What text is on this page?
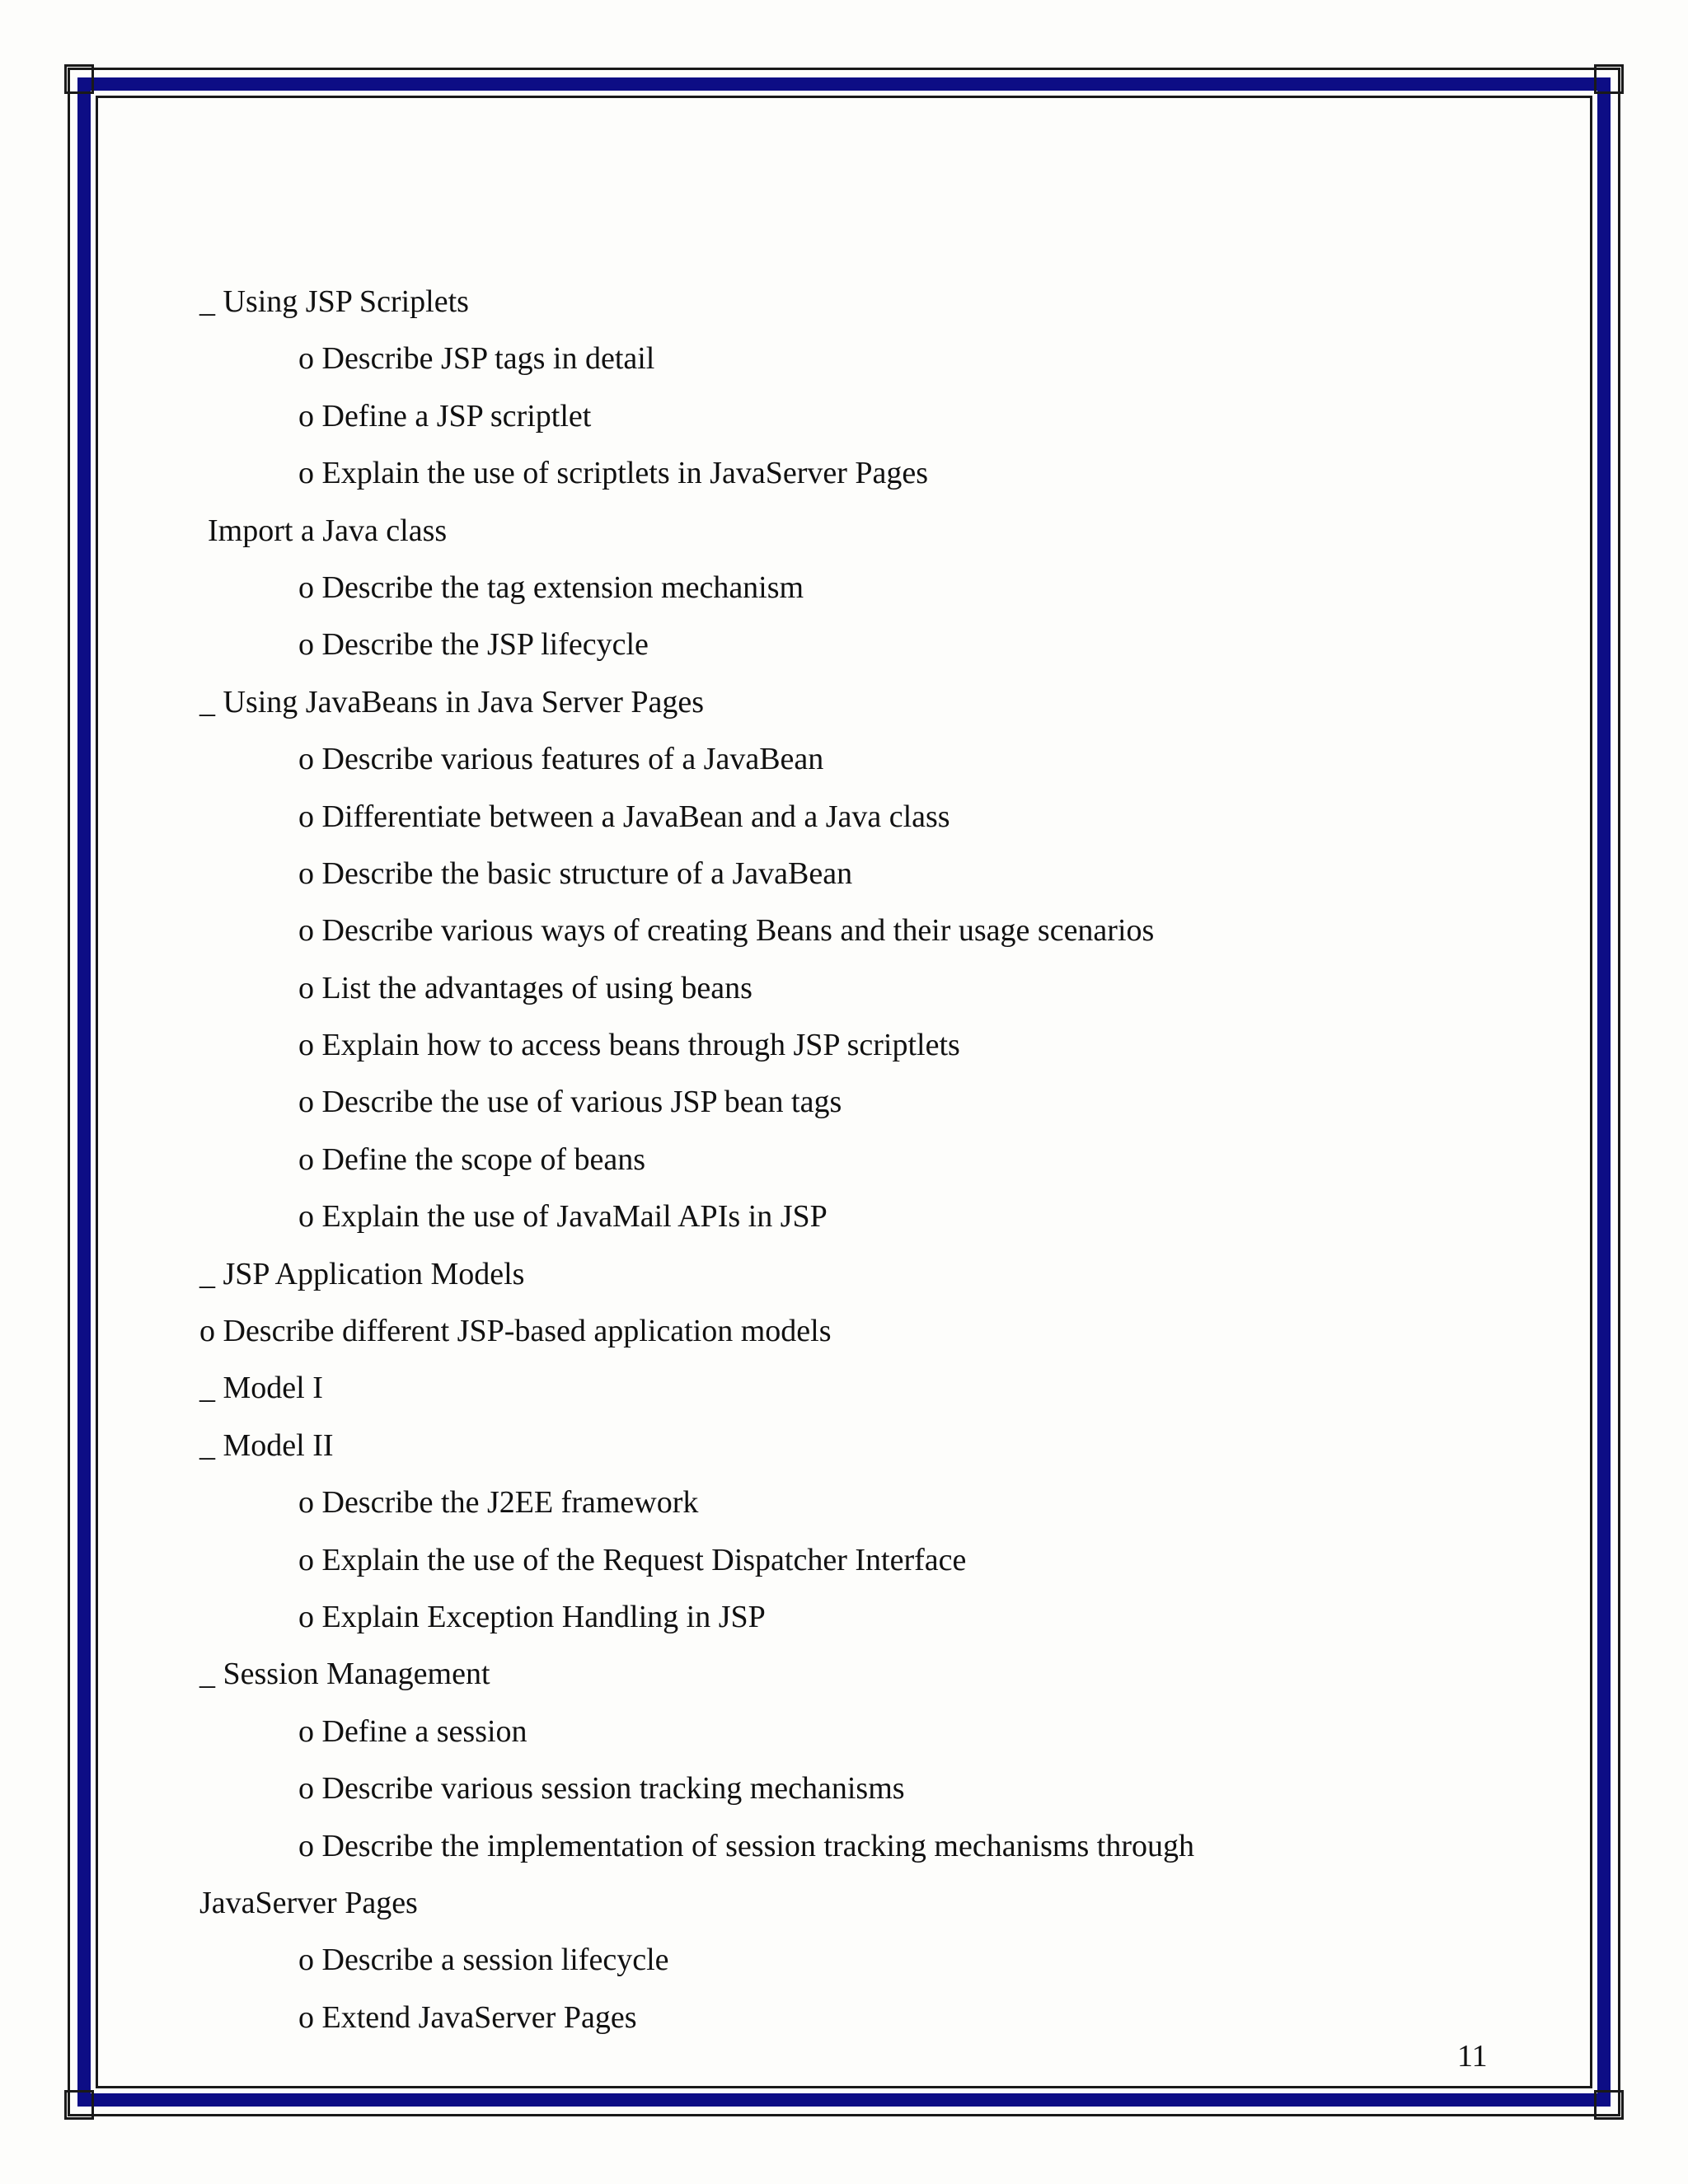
_ Using JSP Scriplets
o Describe JSP tags in detail
o Define a JSP scriptlet
o Explain the use of scriptlets in JavaServer Pages
Import a Java class
o Describe the tag extension mechanism
o Describe the JSP lifecycle
_ Using JavaBeans in Java Server Pages
o Describe various features of a JavaBean
o Differentiate between a JavaBean and a Java class
o Describe the basic structure of a JavaBean
o Describe various ways of creating Beans and their usage scenarios
o List the advantages of using beans
o Explain how to access beans through JSP scriptlets
o Describe the use of various JSP bean tags
o Define the scope of beans
o Explain the use of JavaMail APIs in JSP
_ JSP Application Models
o Describe different JSP-based application models
_ Model I
_ Model II
o Describe the J2EE framework
o Explain the use of the Request Dispatcher Interface
o Explain Exception Handling in JSP
_ Session Management
o Define a session
o Describe various session tracking mechanisms
o Describe the implementation of session tracking mechanisms through
JavaServer Pages
o Describe a session lifecycle
o Extend JavaServer Pages
11
